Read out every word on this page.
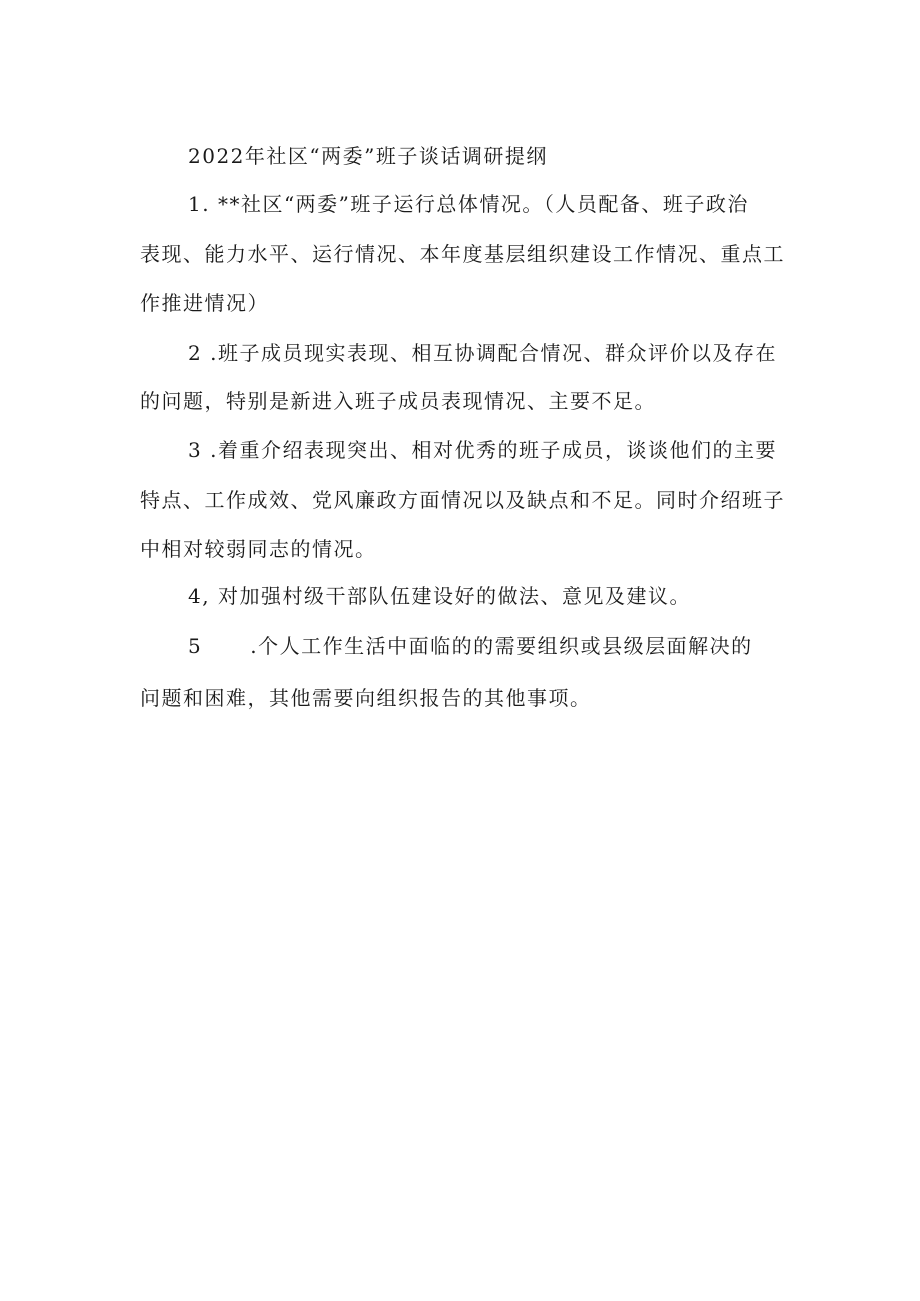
2022年社区“两委”班子谈话调研提纲
1. **社区“两委”班子运行总体情况。（人员配备、班子政治
表现、能力水平、运行情况、本年度基层组织建设工作情况、重点工
作推进情况）
2 .班子成员现实表现、相互协调配合情况、群众评价以及存在
的问题，特别是新进入班子成员表现情况、主要不足。
3 .着重介绍表现突出、相对优秀的班子成员，谈谈他们的主要
特点、工作成效、党风廉政方面情况以及缺点和不足。同时介绍班子
中相对较弱同志的情况。
4, 对加强村级干部队伍建设好的做法、意见及建议。
5 .个人工作生活中面临的的需要组织或县级层面解决的
问题和困难，其他需要向组织报告的其他事项。
